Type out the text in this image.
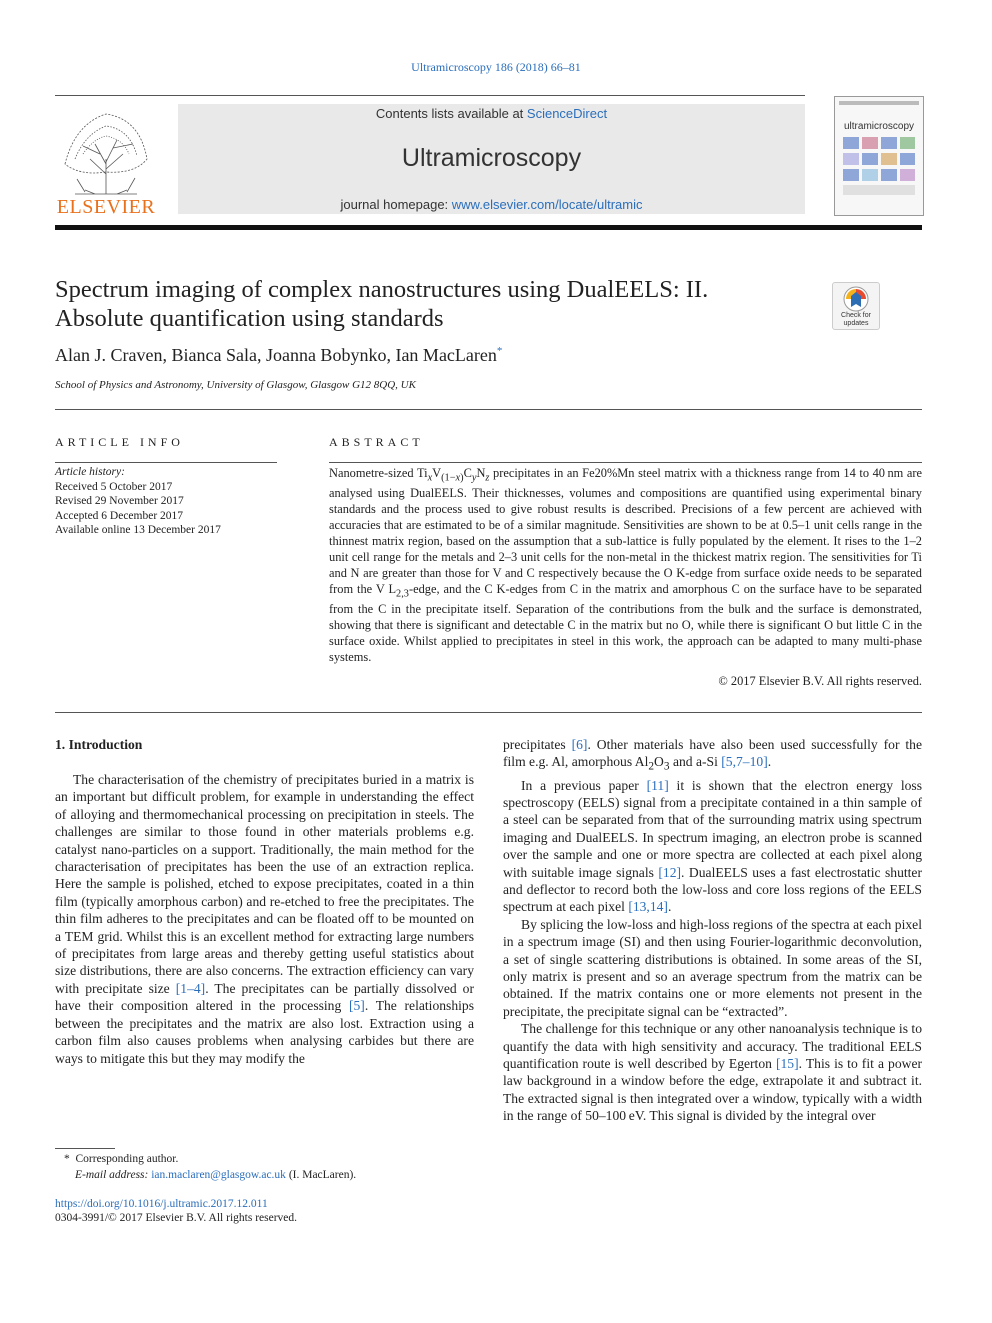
Ultramicroscopy 186 (2018) 66–81
ELSEVIER
Contents lists available at ScienceDirect
Ultramicroscopy
journal homepage: www.elsevier.com/locate/ultramic
ultramicroscopy
Spectrum imaging of complex nanostructures using DualEELS: II.
Absolute quantification using standards	Check for updates
Alan J. Craven, Bianca Sala, Joanna Bobynko, Ian MacLaren*
School of Physics and Astronomy, University of Glasgow, Glasgow G12 8QQ, UK
ARTICLE INFO
Article history:
Received 5 October 2017
Revised 29 November 2017
Accepted 6 December 2017
Available online 13 December 2017
ABSTRACT
Nanometre-sized $Ti_xV_{(1-x)}C_yN_z$ precipitates in an Fe20%Mn steel matrix with a thickness range from 14 to 40 nm are analysed using DualEELS. Their thicknesses, volumes and compositions are quantified using experimental binary standards and the process used to give robust results is described. Precisions of a few percent are achieved with accuracies that are estimated to be of a similar magnitude. Sensitivities are shown to be at 0.5–1 unit cells range in the thinnest matrix region, based on the assumption that a sub-lattice is fully populated by the element. It rises to the 1–2 unit cell range for the metals and 2–3 unit cells for the non-metal in the thickest matrix region. The sensitivities for Ti and N are greater than those for V and C respectively because the O K-edge from surface oxide needs to be separated from the V $L_{2,3}$-edge, and the C K-edges from C in the matrix and amorphous C on the surface have to be separated from the C in the precipitate itself. Separation of the contributions from the bulk and the surface is demonstrated, showing that there is significant and detectable C in the matrix but no O, while there is significant O but little C in the surface oxide. Whilst applied to precipitates in steel in this work, the approach can be adapted to many multi-phase systems.
© 2017 Elsevier B.V. All rights reserved.
1. Introduction

The characterisation of the chemistry of precipitates buried in a matrix is an important but difficult problem, for example in understanding the effect of alloying and thermomechanical processing on precipitation in steels. The challenges are similar to those found in other materials problems e.g. catalyst nano-particles on a support. Traditionally, the main method for the characterisation of precipitates has been the use of an extraction replica. Here the sample is polished, etched to expose precipitates, coated in a thin film (typically amorphous carbon) and re-etched to free the precipitates. The thin film adheres to the precipitates and can be floated off to be mounted on a TEM grid. Whilst this is an excellent method for extracting large numbers of precipitates from large areas and thereby getting useful statistics about size distributions, there are also concerns. The extraction efficiency can vary with precipitate size [1–4]. The precipitates can be partially dissolved or have their composition altered in the processing [5]. The relationships between the precipitates and the matrix are also lost. Extraction using a carbon film also causes problems when analysing carbides but there are ways to mitigate this but they may modify the

precipitates [6]. Other materials have also been used successfully for the film e.g. Al, amorphous $Al_2O_3$ and a-Si [5,7–10].

In a previous paper [11] it is shown that the electron energy loss spectroscopy (EELS) signal from a precipitate contained in a thin sample of a steel can be separated from that of the surrounding matrix using spectrum imaging and DualEELS. In spectrum imaging, an electron probe is scanned over the sample and one or more spectra are collected at each pixel along with suitable image signals [12]. DualEELS uses a fast electrostatic shutter and deflector to record both the low-loss and core loss regions of the EELS spectrum at each pixel [13,14].

By splicing the low-loss and high-loss regions of the spectra at each pixel in a spectrum image (SI) and then using Fourier-logarithmic deconvolution, a set of single scattering distributions is obtained. In some areas of the SI, only matrix is present and so an average spectrum from the matrix can be obtained. If the matrix contains one or more elements not present in the precipitate, the precipitate signal can be “extracted”.

The challenge for this technique or any other nanoanalysis technique is to quantify the data with high sensitivity and accuracy. The traditional EELS quantification route is well described by Egerton [15]. This is to fit a power law background in a window before the edge, extrapolate it and subtract it. The extracted signal is then integrated over a window, typically with a width in the range of 50–100 eV. This signal is divided by the integral over

* Corresponding author.
E-mail address: ian.maclaren@glasgow.ac.uk (I. MacLaren).
https://doi.org/10.1016/j.ultramic.2017.12.011
0304-3991/© 2017 Elsevier B.V. All rights reserved.
